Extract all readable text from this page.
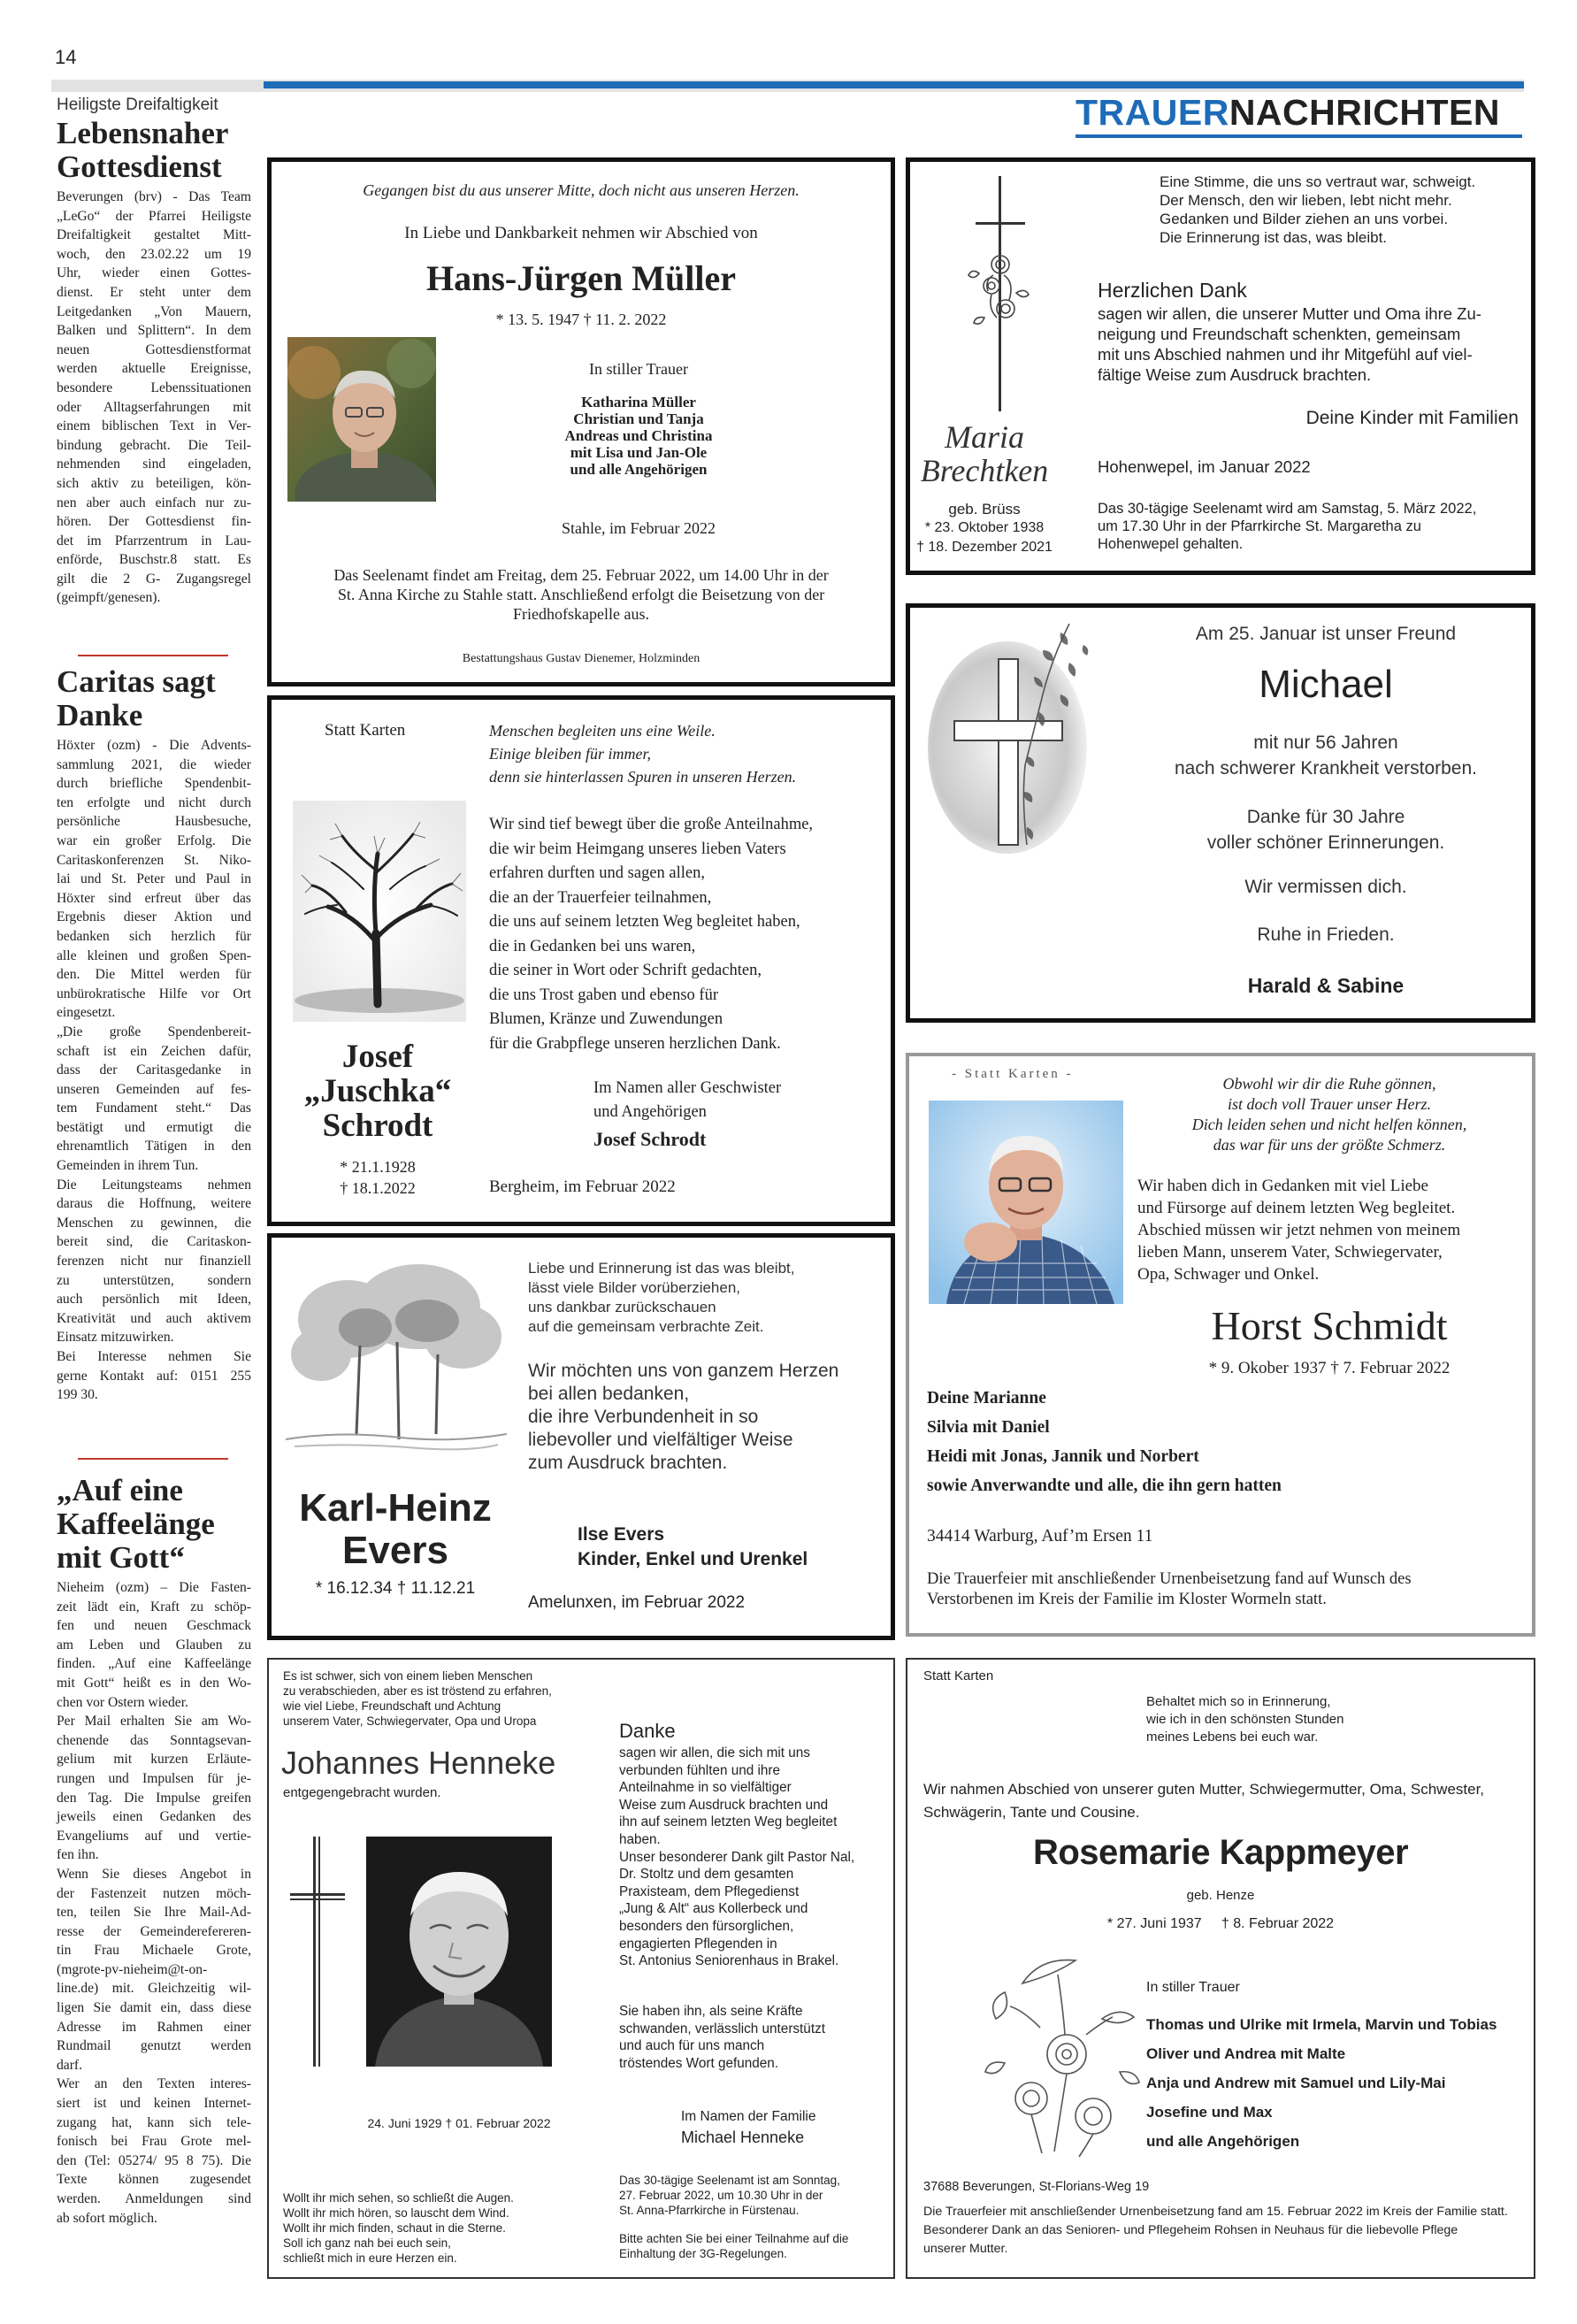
14
TRAUERNACHRICHTEN
Heiligste Dreifaltigkeit
Lebensnaher
Gottesdienst
Beverungen (brv) - Das Team
„LeGo“ der Pfarrei Heiligste
Dreifaltigkeit gestaltet Mitt-
woch, den 23.02.22 um 19
Uhr, wieder einen Gottes-
dienst. Er steht unter dem
Leitgedanken „Von Mauern,
Balken und Splittern“. In dem
neuen Gottesdienstformat
werden aktuelle Ereignisse,
besondere Lebenssituationen
oder Alltagserfahrungen mit
einem biblischen Text in Ver-
bindung gebracht. Die Teil-
nehmenden sind eingeladen,
sich aktiv zu beteiligen, kön-
nen aber auch einfach nur zu-
hören. Der Gottesdienst fin-
det im Pfarrzentrum in Lau-
enförde, Buschstr.8 statt. Es
gilt die 2 G- Zugangsregel
(geimpft/genesen).
Caritas sagt
Danke
Höxter (ozm) - Die Advents-
sammlung 2021, die wieder
durch briefliche Spendenbit-
ten erfolgte und nicht durch
persönliche Hausbesuche,
war ein großer Erfolg. Die
Caritaskonferenzen St. Niko-
lai und St. Peter und Paul in
Höxter sind erfreut über das
Ergebnis dieser Aktion und
bedanken sich herzlich für
alle kleinen und großen Spen-
den. Die Mittel werden für
unbürokratische Hilfe vor Ort
eingesetzt.
„Die große Spendenbereit-
schaft ist ein Zeichen dafür,
dass der Caritasgedanke in
unseren Gemeinden auf fes-
tem Fundament steht.“ Das
bestätigt und ermutigt die
ehrenamtlich Tätigen in den
Gemeinden in ihrem Tun.
Die Leitungsteams nehmen
daraus die Hoffnung, weitere
Menschen zu gewinnen, die
bereit sind, die Caritaskon-
ferenzen nicht nur finanziell
zu unterstützen, sondern
auch persönlich mit Ideen,
Kreativität und auch aktivem
Einsatz mitzuwirken.
Bei Interesse nehmen Sie
gerne Kontakt auf: 0151 255
199 30.
„Auf eine
Kaffeelänge
mit Gott“
Nieheim (ozm) – Die Fasten-
zeit lädt ein, Kraft zu schöp-
fen und neuen Geschmack
am Leben und Glauben zu
finden. „Auf eine Kaffeelänge
mit Gott“ heißt es in den Wo-
chen vor Ostern wieder.
Per Mail erhalten Sie am Wo-
chenende das Sonntagsevan-
gelium mit kurzen Erläute-
rungen und Impulsen für je-
den Tag. Die Impulse greifen
jeweils einen Gedanken des
Evangeliums auf und vertie-
fen ihn.
Wenn Sie dieses Angebot in
der Fastenzeit nutzen möch-
ten, teilen Sie Ihre Mail-Ad-
resse der Gemeinderefereren-
tin Frau Michaele Grote,
(mgrote-pv-nieheim@t-on-
line.de) mit. Gleichzeitig wil-
ligen Sie damit ein, dass diese
Adresse im Rahmen einer
Rundmail genutzt werden
darf.
Wer an den Texten interes-
siert ist und keinen Internet-
zugang hat, kann sich tele-
fonisch bei Frau Grote mel-
den (Tel: 05274/ 95 8 75). Die
Texte können zugesendet
werden. Anmeldungen sind
ab sofort möglich.
Gegangen bist du aus unserer Mitte, doch nicht aus unseren Herzen.
In Liebe und Dankbarkeit nehmen wir Abschied von
Hans-Jürgen Müller
* 13. 5. 1947 † 11. 2. 2022
In stiller Trauer
Katharina Müller
Christian und Tanja
Andreas und Christina
mit Lisa und Jan-Ole
und alle Angehörigen
Stahle, im Februar 2022
Das Seelenamt findet am Freitag, dem 25. Februar 2022, um 14.00 Uhr in der
St. Anna Kirche zu Stahle statt. Anschließend erfolgt die Beisetzung von der
Friedhofskapelle aus.
Bestattungshaus Gustav Dienemer, Holzminden
Eine Stimme, die uns so vertraut war, schweigt.
Der Mensch, den wir lieben, lebt nicht mehr.
Gedanken und Bilder ziehen an uns vorbei.
Die Erinnerung ist das, was bleibt.
Maria
Brechtken
geb. Brüss
* 23. Oktober 1938
† 18. Dezember 2021
Herzlichen Dank
sagen wir allen, die unserer Mutter und Oma ihre Zu-
neigung und Freundschaft schenkten, gemeinsam
mit uns Abschied nahmen und ihr Mitgefühl auf viel-
fältige Weise zum Ausdruck brachten.
Deine Kinder mit Familien
Hohenwepel, im Januar 2022
Das 30-tägige Seelenamt wird am Samstag, 5. März 2022,
um 17.30 Uhr in der Pfarrkirche St. Margaretha zu
Hohenwepel gehalten.
Statt Karten	Menschen begleiten uns eine Weile.
Einige bleiben für immer,
denn sie hinterlassen Spuren in unseren Herzen.
Wir sind tief bewegt über die große Anteilnahme,
die wir beim Heimgang unseres lieben Vaters
erfahren durften und sagen allen,
die an der Trauerfeier teilnahmen,
die uns auf seinem letzten Weg begleitet haben,
die in Gedanken bei uns waren,
die seiner in Wort oder Schrift gedachten,
die uns Trost gaben und ebenso für
Blumen, Kränze und Zuwendungen
für die Grabpflege unseren herzlichen Dank.
Josef
„Juschka“
Schrodt
* 21.1.1928
† 18.1.2022
Im Namen aller Geschwister
und Angehörigen
Josef Schrodt
Bergheim, im Februar 2022
Am 25. Januar ist unser Freund
Michael
mit nur 56 Jahren
nach schwerer Krankheit verstorben.
Danke für 30 Jahre
voller schöner Erinnerungen.
Wir vermissen dich.
Ruhe in Frieden.
Harald & Sabine
Liebe und Erinnerung ist das was bleibt,
lässt viele Bilder vorüberziehen,
uns dankbar zurückschauen
auf die gemeinsam verbrachte Zeit.
Wir möchten uns von ganzem Herzen
bei allen bedanken,
die ihre Verbundenheit in so
liebevoller und vielfältiger Weise
zum Ausdruck brachten.
Karl-Heinz
Evers
* 16.12.34 † 11.12.21
Ilse Evers
Kinder, Enkel und Urenkel
Amelunxen, im Februar 2022
- Statt Karten -
Obwohl wir dir die Ruhe gönnen,
ist doch voll Trauer unser Herz.
Dich leiden sehen und nicht helfen können,
das war für uns der größte Schmerz.
Wir haben dich in Gedanken mit viel Liebe
und Fürsorge auf deinem letzten Weg begleitet.
Abschied müssen wir jetzt nehmen von meinem
lieben Mann, unserem Vater, Schwiegervater,
Opa, Schwager und Onkel.
Horst Schmidt
* 9. Okober 1937 † 7. Februar 2022
Deine Marianne
Silvia mit Daniel
Heidi mit Jonas, Jannik und Norbert
sowie Anverwandte und alle, die ihn gern hatten
34414 Warburg, Auf’m Ersen 11
Die Trauerfeier mit anschließender Urnenbeisetzung fand auf Wunsch des
Verstorbenen im Kreis der Familie im Kloster Wormeln statt.
Es ist schwer, sich von einem lieben Menschen
zu verabschieden, aber es ist tröstend zu erfahren,
wie viel Liebe, Freundschaft und Achtung
unserem Vater, Schwiegervater, Opa und Uropa
Johannes Henneke
entgegengebracht wurden.
24. Juni 1929 † 01. Februar 2022
Wollt ihr mich sehen, so schließt die Augen.
Wollt ihr mich hören, so lauscht dem Wind.
Wollt ihr mich finden, schaut in die Sterne.
Soll ich ganz nah bei euch sein,
schließt mich in eure Herzen ein.
Danke
sagen wir allen, die sich mit uns
verbunden fühlten und ihre
Anteilnahme in so vielfältiger
Weise zum Ausdruck brachten und
ihn auf seinem letzten Weg begleitet
haben.
Unser besonderer Dank gilt Pastor Nal,
Dr. Stoltz und dem gesamten
Praxisteam, dem Pflegedienst
„Jung & Alt“ aus Kollerbeck und
besonders den fürsorglichen,
engagierten Pflegenden in
St. Antonius Seniorenhaus in Brakel.
Sie haben ihn, als seine Kräfte
schwanden, verlässlich unterstützt
und auch für uns manch
tröstendes Wort gefunden.
Im Namen der Familie
Michael Henneke
Das 30-tägige Seelenamt ist am Sonntag,
27. Februar 2022, um 10.30 Uhr in der
St. Anna-Pfarrkirche in Fürstenau.
Bitte achten Sie bei einer Teilnahme auf die
Einhaltung der 3G-Regelungen.
Statt Karten
Behaltet mich so in Erinnerung,
wie ich in den schönsten Stunden
meines Lebens bei euch war.
Wir nahmen Abschied von unserer guten Mutter, Schwiegermutter, Oma, Schwester,
Schwägerin, Tante und Cousine.
Rosemarie Kappmeyer
geb. Henze
* 27. Juni 1937     † 8. Februar 2022
In stiller Trauer
Thomas und Ulrike mit Irmela, Marvin und Tobias
Oliver und Andrea mit Malte
Anja und Andrew mit Samuel und Lily-Mai
Josefine und Max
und alle Angehörigen
37688 Beverungen, St-Florians-Weg 19
Die Trauerfeier mit anschließender Urnenbeisetzung fand am 15. Februar 2022 im Kreis der Familie statt.
Besonderer Dank an das Senioren- und Pflegeheim Rohsen in Neuhaus für die liebevolle Pflege
unserer Mutter.
